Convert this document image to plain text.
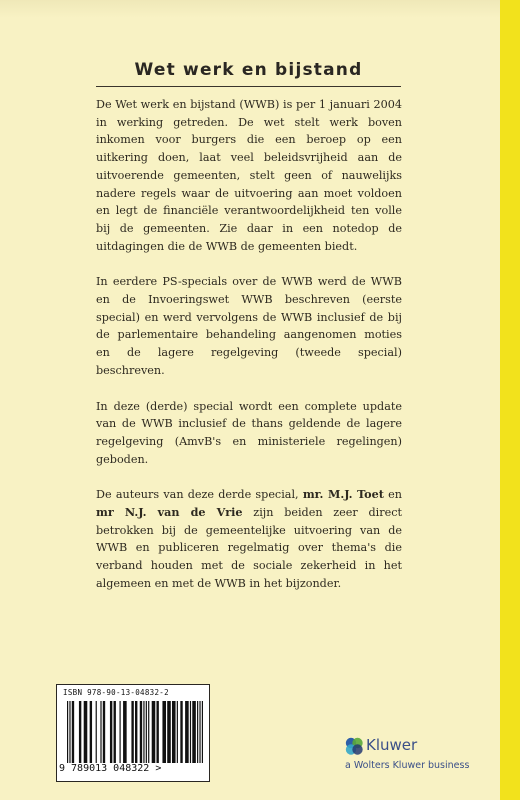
Wet werk en bijstand

De Wet werk en bijstand (WWB) is per 1 januari 2004 in werking getreden. De wet stelt werk boven inkomen voor burgers die een beroep op een uitkering doen, laat veel beleidsvrijheid aan de uitvoerende gemeenten, stelt geen of nauwelijks nadere regels waar de uitvoering aan moet voldoen en legt de financiële verantwoordelijkheid ten volle bij de gemeenten. Zie daar in een notedop de uitdagingen die de WWB de gemeenten biedt.

In eerdere PS-specials over de WWB werd de WWB en de Invoeringswet WWB beschreven (eerste special) en werd vervolgens de WWB inclusief de bij de parlementaire behandeling aangenomen moties en de lagere regelgeving (tweede special) beschreven.

In deze (derde) special wordt een complete update van de WWB inclusief de thans geldende de lagere regelgeving (AmvB's en ministeriele regelingen) geboden.

De auteurs van deze derde special, mr. M.J. Toet en mr N.J. van de Vrie zijn beiden zeer direct betrokken bij de gemeentelijke uitvoering van de WWB en publiceren regelmatig over thema's die verband houden met de sociale zekerheid in het algemeen en met de WWB in het bijzonder.

ISBN 978-90-13-04832-2
9 789013 048322 >
Kluwer
a Wolters Kluwer business
